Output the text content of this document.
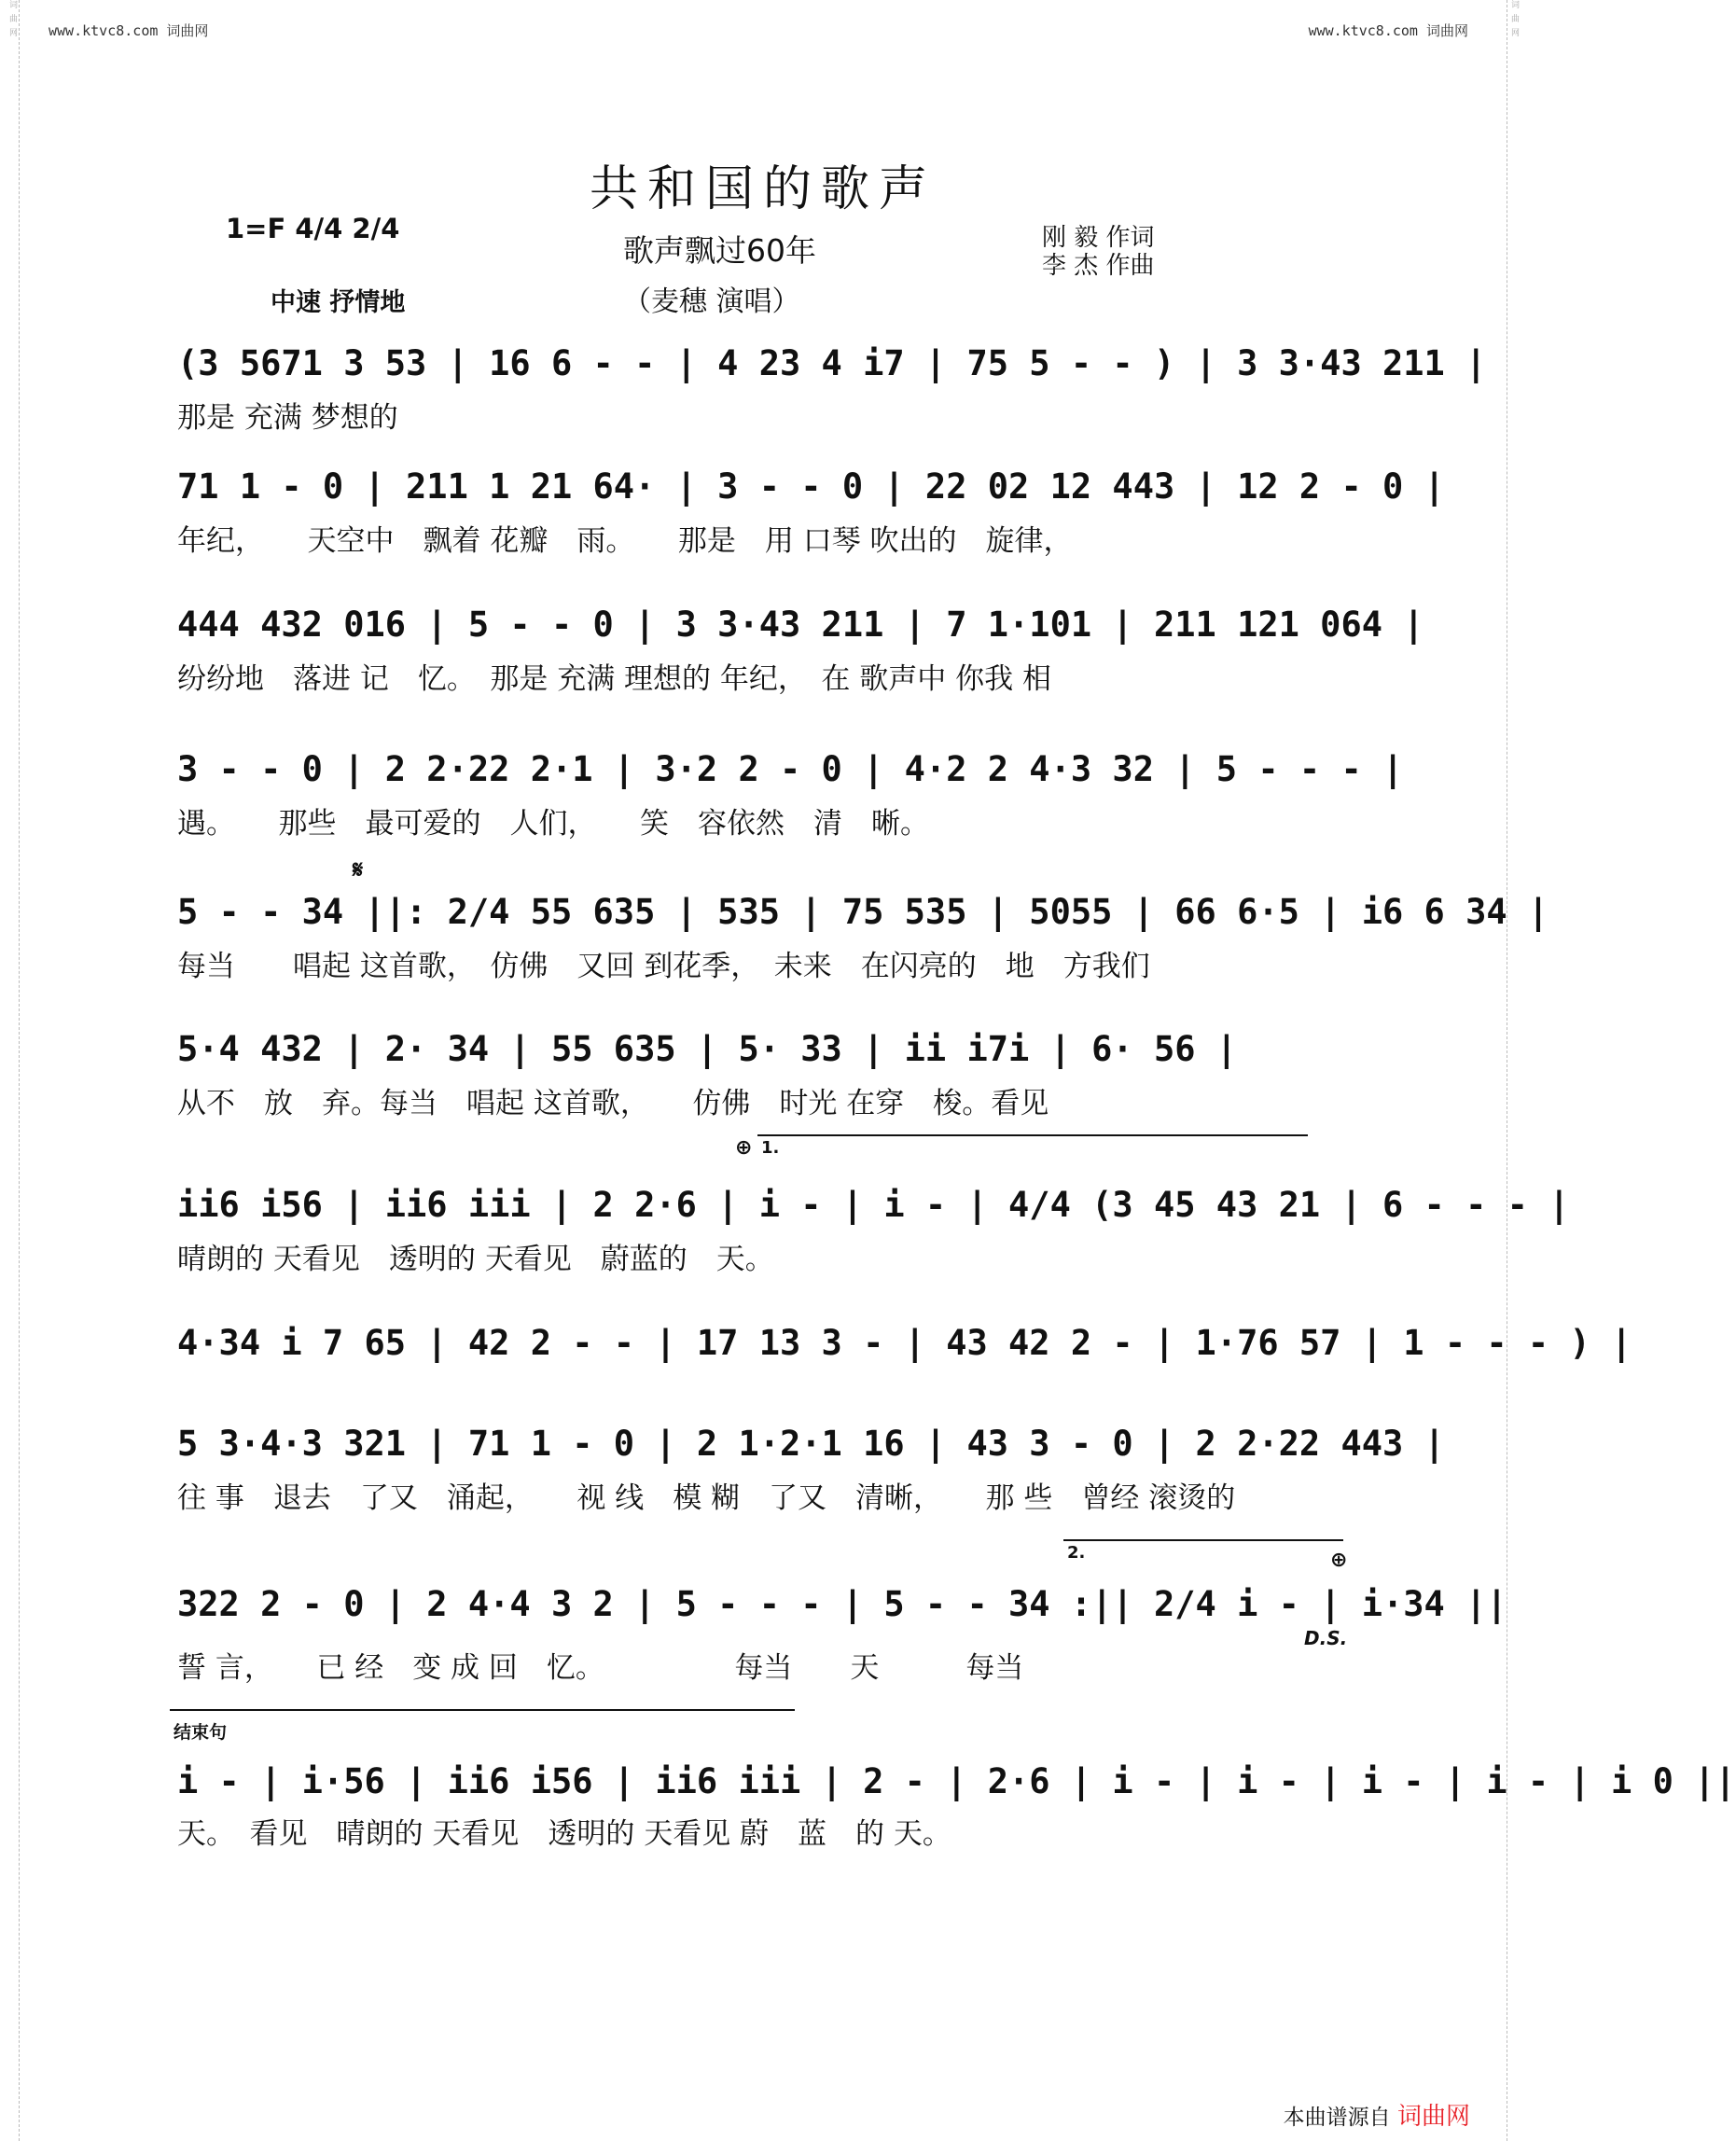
www.ktvc8.com 词曲网	www.ktvc8.com 词曲网
词曲网	词曲网
共和国的歌声
歌声飘过60年
（麦穗 演唱）
刚 毅 作词
李 杰 作曲
1=F 4/4 2/4
中速 抒情地
(3 5671 3 53 | 16 6 - - | 4 23 4 i7 | 75 5 - - ) | 3 3·43 211 |
那是 充满 梦想的
71 1 - 0 | 211 1 21 64· | 3 - - 0 | 22 02 12 443 | 12 2 - 0 |
年纪，　　天空中　飘着 花瓣　雨。　　那是　用 口琴 吹出的　旋律，
444 432 016 | 5 - - 0 | 3 3·43 211 | 7 1·101 | 211 121 064 |
纷纷地　落进 记　忆。　那是 充满 理想的 年纪，　在 歌声中 你我 相
3 - - 0 | 2 2·22 2·1 | 3·2 2 - 0 | 4·2 2 4·3 32 | 5 - - - |
遇。　　那些　最可爱的　人们，　　笑　容依然　清　晰。
𝄋
5 - - 34 ||: 2/4 55 635 | 535 | 75 535 | 5055 | 66 6·5 | i6 6 34 |
每当　　唱起 这首歌，　仿佛　又回 到花季，　未来　在闪亮的　地　方我们
5·4 432 | 2· 34 | 55 635 | 5· 33 | ii i7i | 6· 56 |
从不　放　弃。每当　唱起 这首歌，　　仿佛　时光 在穿　梭。看见
⊕ 1.
ii6 i56 | ii6 iii | 2 2·6 | i - | i - | 4/4 (3 45 43 21 | 6 - - - |
晴朗的 天看见　透明的 天看见　蔚蓝的　天。
4·34 i 7 65 | 42 2 - - | 17 13 3 - | 43 42 2 - | 1·76 57 | 1 - - - ) |
5 3·4·3 321 | 71 1 - 0 | 2 1·2·1 16 | 43 3 - 0 | 2 2·22 443 |
往 事　退去　了又　涌起，　　视 线　模 糊　了又　清晰，　　那 些　曾经 滚烫的
2.	⊕
322 2 - 0 | 2 4·4 3 2 | 5 - - - | 5 - - 34 :|| 2/4 i - | i·34 ||
D.S.
誓 言，　　已 经　变 成 回　忆。　　　　　每当　　天　　　每当
结束句
i - | i·56 | ii6 i56 | ii6 iii | 2 - | 2·6 | i - | i - | i - | i - | i 0 ||
天。　看见　晴朗的 天看见　透明的 天看见 蔚　蓝　的 天。
本曲谱源自 词曲网
